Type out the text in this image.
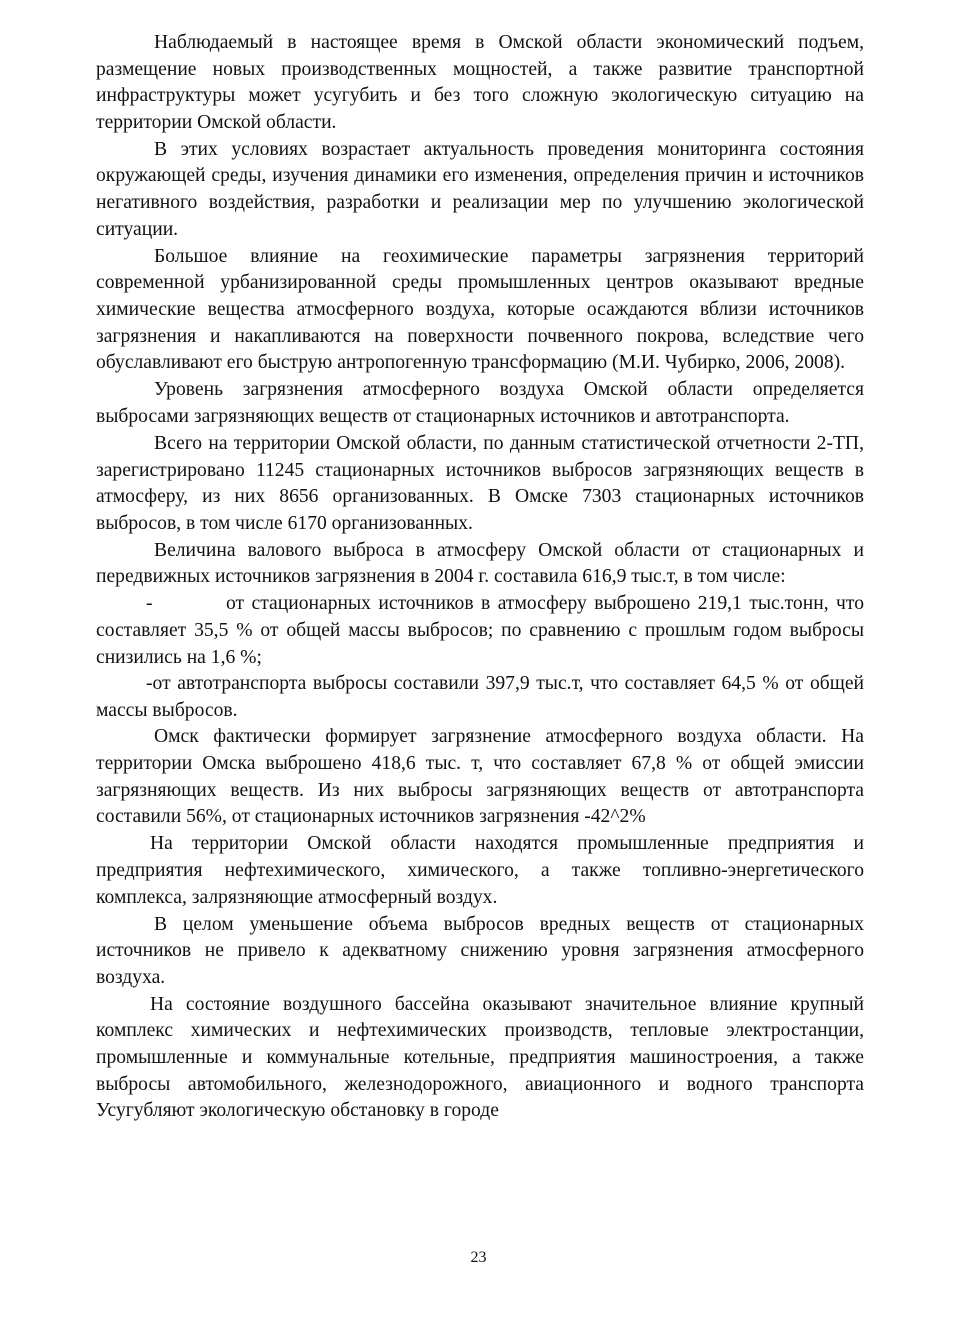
Наблюдаемый в настоящее время в Омской области экономический подъем, размещение новых производственных мощностей, а также развитие транспортной инфраструктуры может усугубить и без того сложную экологическую ситуацию на территории Омской области.

В этих условиях возрастает актуальность проведения мониторинга состояния окружающей среды, изучения динамики его изменения, определения причин и источников негативного воздействия, разработки и реализации мер по улучшению экологической ситуации.

Большое влияние на геохимические параметры загрязнения территорий современной урбанизированной среды промышленных центров оказывают вредные химические вещества атмосферного воздуха, которые осаждаются вблизи источников загрязнения и накапливаются на поверхности почвенного покрова, вследствие чего обуславливают его быструю антропогенную трансформацию (М.И. Чубирко, 2006, 2008).

Уровень загрязнения атмосферного воздуха Омской области определяется выбросами загрязняющих веществ от стационарных источников и автотранспорта.

Всего на территории Омской области, по данным статистической отчетности 2-ТП, зарегистрировано 11245 стационарных источников выбросов загрязняющих веществ в атмосферу, из них 8656 организованных. В Омске 7303 стационарных источников выбросов, в том числе 6170 организованных.

Величина валового выброса в атмосферу Омской области от стационарных и передвижных источников загрязнения в 2004 г. составила 616,9 тыс.т, в том числе:

-	от стационарных источников в атмосферу выброшено 219,1 тыс.тонн, что составляет 35,5 % от общей массы выбросов; по сравнению с прошлым годом выбросы снизились на 1,6 %;

-от автотранспорта выбросы составили 397,9 тыс.т, что составляет 64,5 % от общей массы выбросов.

Омск фактически формирует загрязнение атмосферного воздуха области. На территории Омска выброшено 418,6 тыс. т, что составляет 67,8 % от общей эмиссии загрязняющих веществ. Из них выбросы загрязняющих веществ от автотранспорта составили 56%, от стационарных источников загрязнения -42^2%

На территории Омской области находятся промышленные предприятия и предприятия нефтехимического, химического, а также топливно-энергетического комплекса, залрязняющие атмосферный воздух.

В целом уменьшение объема выбросов вредных веществ от стационарных источников не привело к адекватному снижению уровня загрязнения атмосферного воздуха.

На состояние воздушного бассейна оказывают значительное влияние крупный комплекс химических и нефтехимических производств, тепловые электростанции, промышленные и коммунальные котельные, предприятия машиностроения, а также выбросы автомобильного, железнодорожного, авиационного и водного транспорта Усугубляют экологическую обстановку в городе

23
